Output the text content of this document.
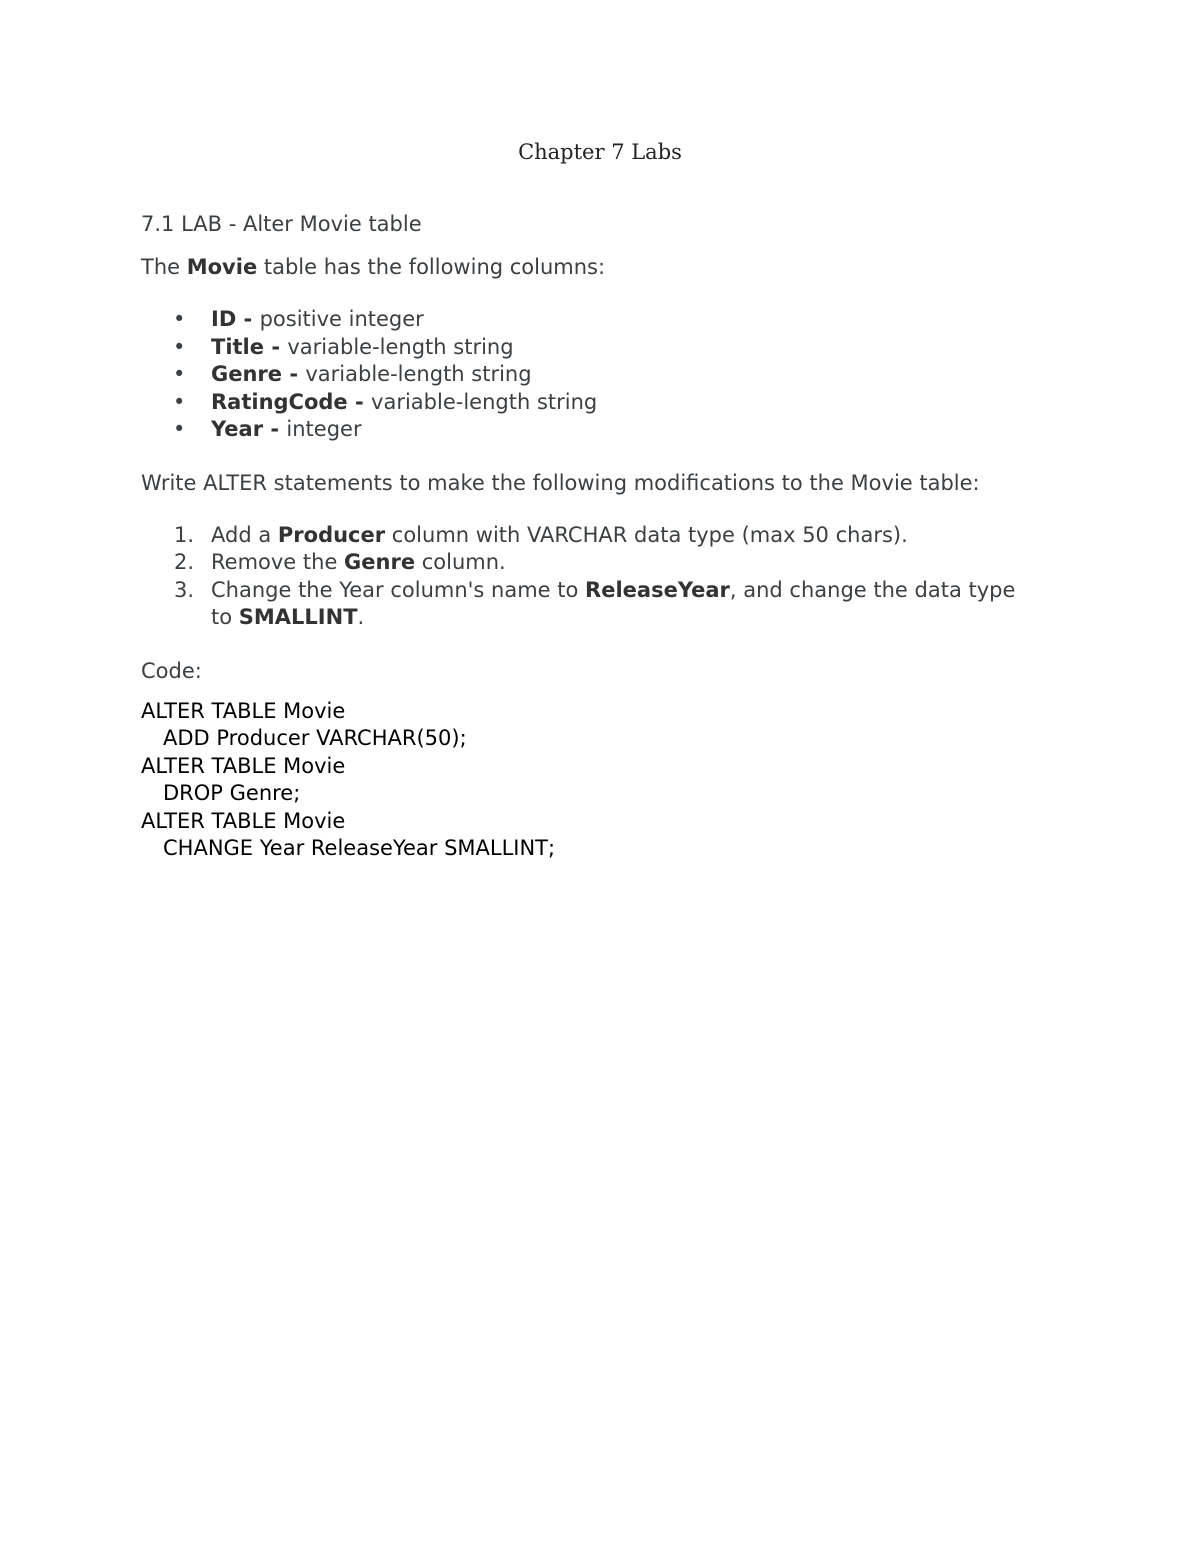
Chapter 7 Labs
7.1 LAB - Alter Movie table

The Movie table has the following columns:

• ID - positive integer
• Title - variable-length string
• Genre - variable-length string
• RatingCode - variable-length string
• Year - integer

Write ALTER statements to make the following modifications to the Movie table:

1. Add a Producer column with VARCHAR data type (max 50 chars).
2. Remove the Genre column.
3. Change the Year column's name to ReleaseYear, and change the data type to SMALLINT.

Code:

ALTER TABLE Movie
ADD Producer VARCHAR(50);
ALTER TABLE Movie
DROP Genre;
ALTER TABLE Movie
CHANGE Year ReleaseYear SMALLINT;
